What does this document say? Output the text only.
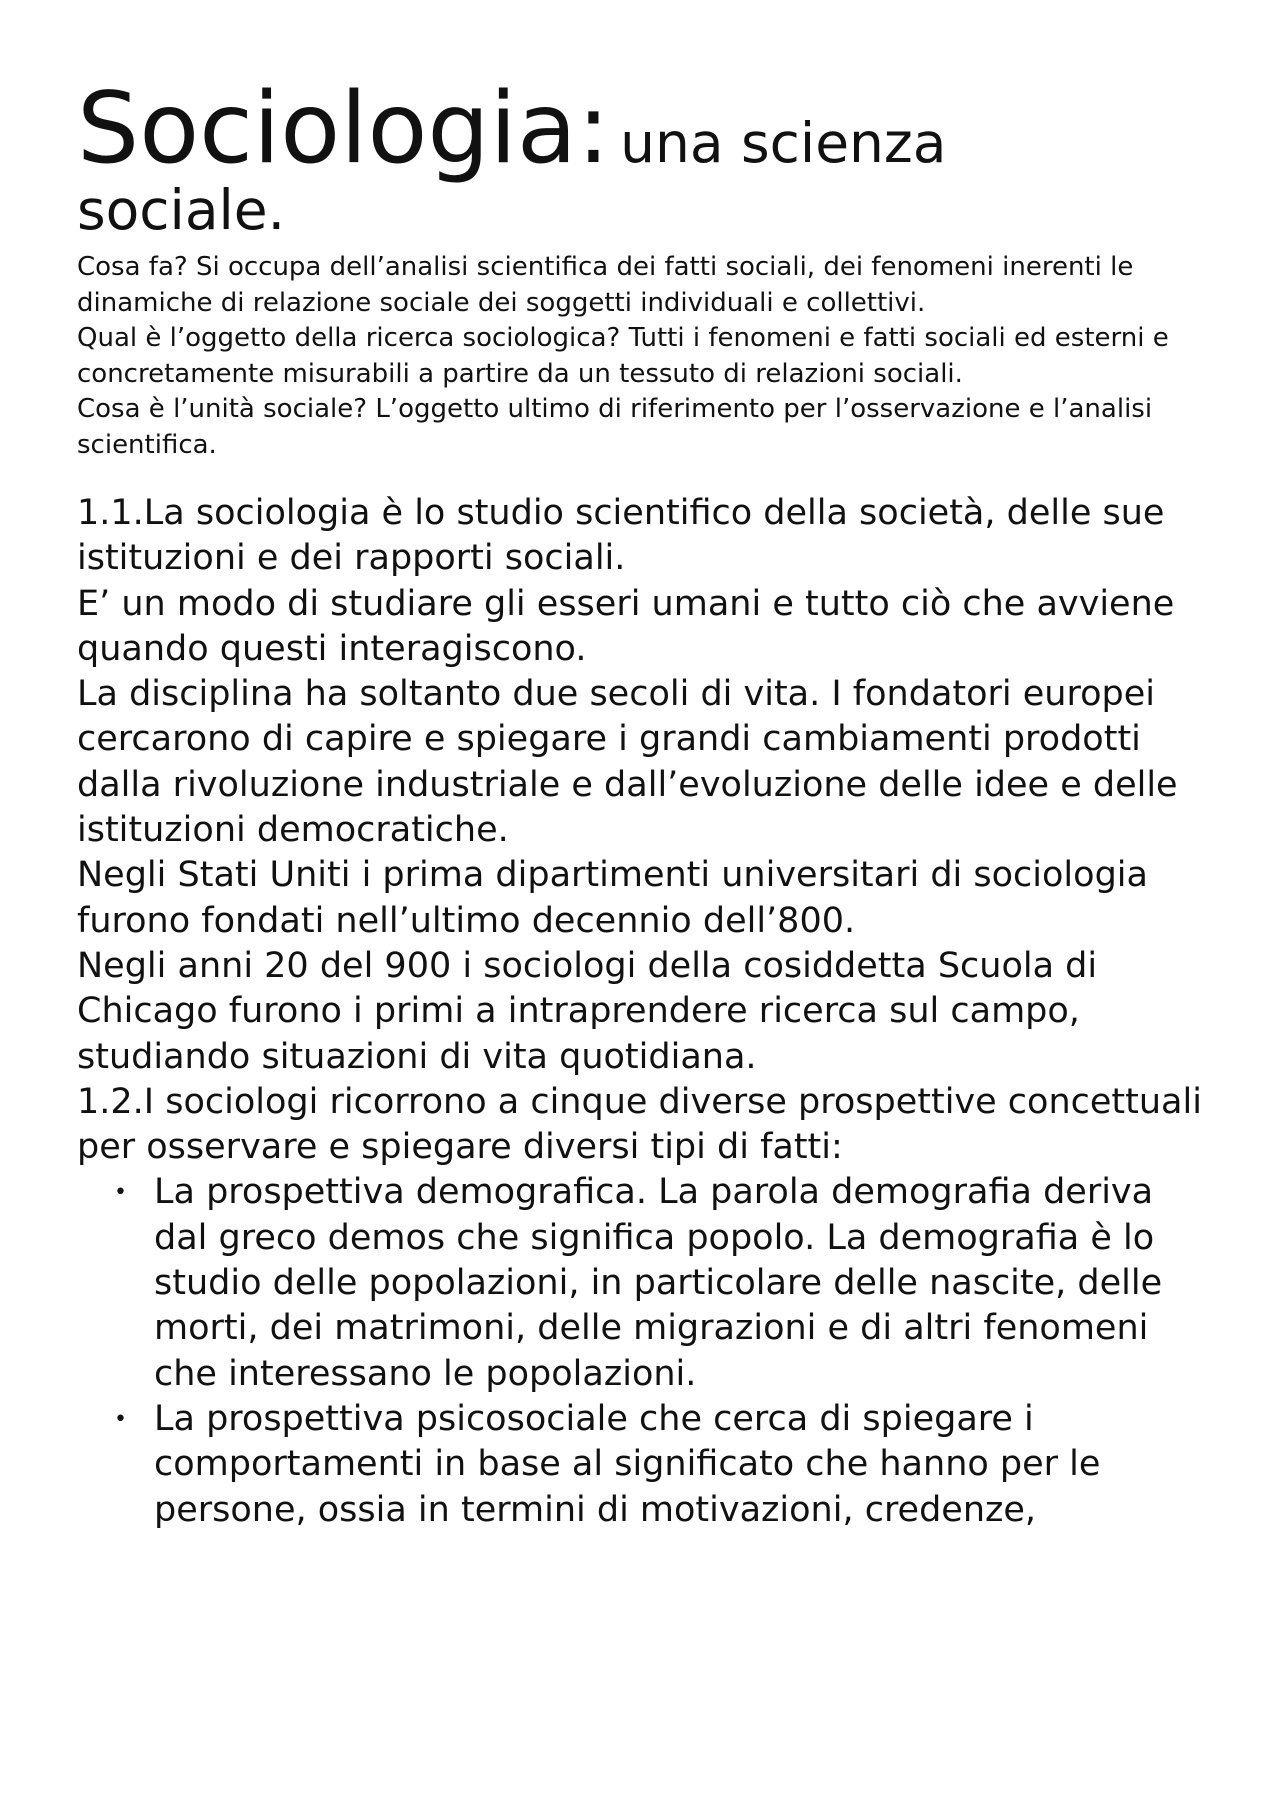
Sociologia: una scienza
sociale.

Cosa fa? Si occupa dell’analisi scientifica dei fatti sociali, dei fenomeni inerenti le dinamiche di relazione sociale dei soggetti individuali e collettivi.

Qual è l’oggetto della ricerca sociologica? Tutti i fenomeni e fatti sociali ed esterni e concretamente misurabili a partire da un tessuto di relazioni sociali.

Cosa è l’unità sociale? L’oggetto ultimo di riferimento per l’osservazione e l’analisi scientifica.

1.1.La sociologia è lo studio scientifico della società, delle sue istituzioni e dei rapporti sociali.

E’ un modo di studiare gli esseri umani e tutto ciò che avviene quando questi interagiscono.

La disciplina ha soltanto due secoli di vita. I fondatori europei cercarono di capire e spiegare i grandi cambiamenti prodotti dalla rivoluzione industriale e dall’evoluzione delle idee e delle istituzioni democratiche.

Negli Stati Uniti i prima dipartimenti universitari di sociologia furono fondati nell’ultimo decennio dell’800.

Negli anni 20 del 900 i sociologi della cosiddetta Scuola di Chicago furono i primi a intraprendere ricerca sul campo, studiando situazioni di vita quotidiana.

1.2.I sociologi ricorrono a cinque diverse prospettive concettuali per osservare e spiegare diversi tipi di fatti:

• La prospettiva demografica. La parola demografia deriva dal greco demos che significa popolo. La demografia è lo studio delle popolazioni, in particolare delle nascite, delle morti, dei matrimoni, delle migrazioni e di altri fenomeni che interessano le popolazioni.
• La prospettiva psicosociale che cerca di spiegare i comportamenti in base al significato che hanno per le persone, ossia in termini di motivazioni, credenze,
